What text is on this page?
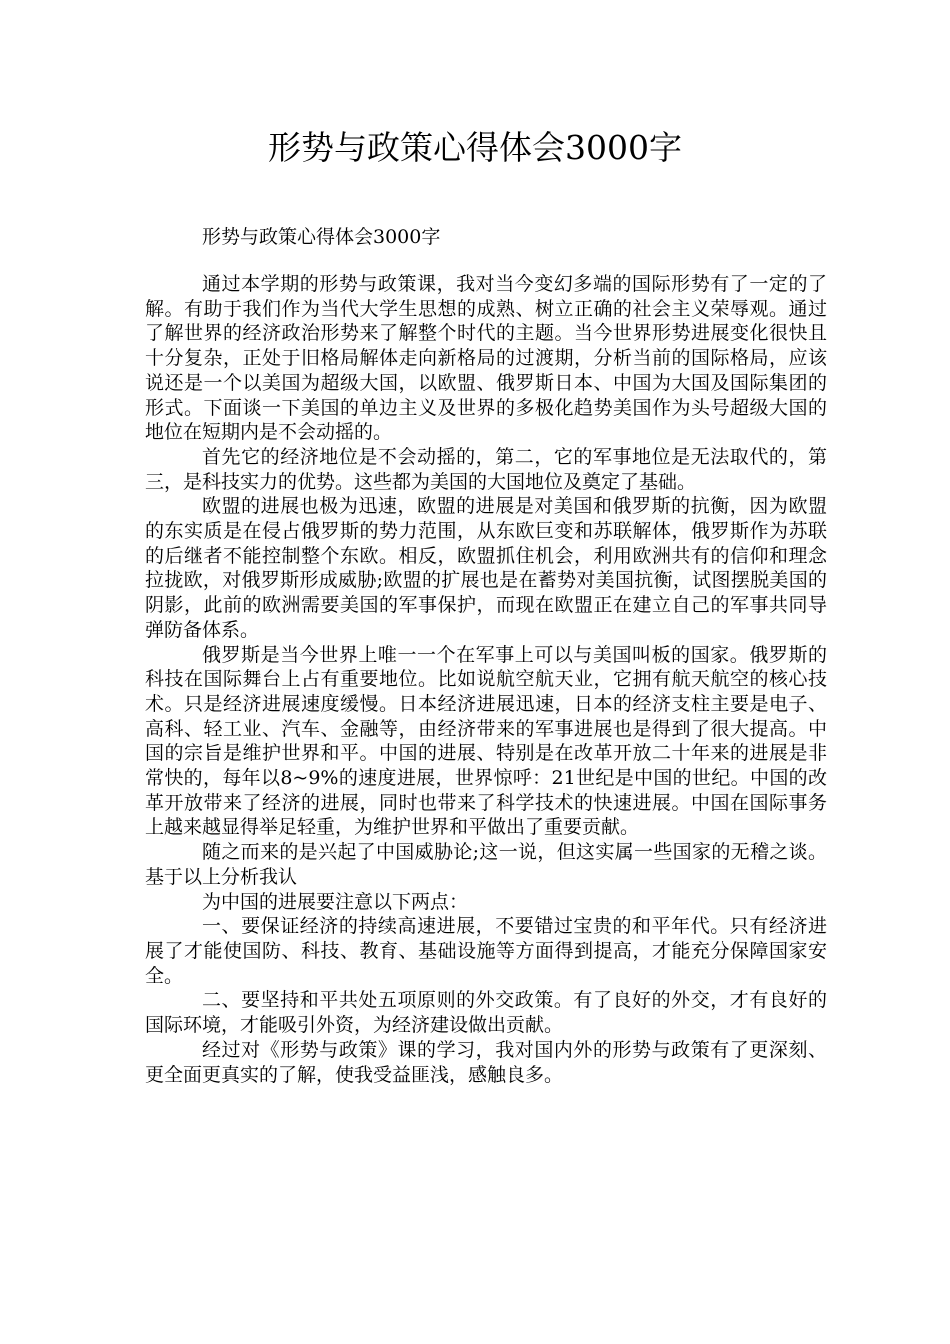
形势与政策心得体会3000字

形势与政策心得体会3000字

通过本学期的形势与政策课，我对当今变幻多端的国际形势有了一定的了解。有助于我们作为当代大学生思想的成熟、树立正确的社会主义荣辱观。通过了解世界的经济政治形势来了解整个时代的主题。当今世界形势进展变化很快且十分复杂，正处于旧格局解体走向新格局的过渡期，分析当前的国际格局，应该说还是一个以美国为超级大国，以欧盟、俄罗斯日本、中国为大国及国际集团的形式。下面谈一下美国的单边主义及世界的多极化趋势美国作为头号超级大国的地位在短期内是不会动摇的。

首先它的经济地位是不会动摇的，第二，它的军事地位是无法取代的，第三，是科技实力的优势。这些都为美国的大国地位及奠定了基础。

欧盟的进展也极为迅速，欧盟的进展是对美国和俄罗斯的抗衡，因为欧盟的东实质是在侵占俄罗斯的势力范围，从东欧巨变和苏联解体，俄罗斯作为苏联的后继者不能控制整个东欧。相反，欧盟抓住机会，利用欧洲共有的信仰和理念拉拢欧，对俄罗斯形成威胁;欧盟的扩展也是在蓄势对美国抗衡，试图摆脱美国的阴影，此前的欧洲需要美国的军事保护，而现在欧盟正在建立自己的军事共同导弹防备体系。

俄罗斯是当今世界上唯一一个在军事上可以与美国叫板的国家。俄罗斯的科技在国际舞台上占有重要地位。比如说航空航天业，它拥有航天航空的核心技术。只是经济进展速度缓慢。日本经济进展迅速，日本的经济支柱主要是电子、高科、轻工业、汽车、金融等，由经济带来的军事进展也是得到了很大提高。中国的宗旨是维护世界和平。中国的进展、特别是在改革开放二十年来的进展是非常快的，每年以8~9%的速度进展，世界惊呼：21世纪是中国的世纪。中国的改革开放带来了经济的进展，同时也带来了科学技术的快速进展。中国在国际事务上越来越显得举足轻重，为维护世界和平做出了重要贡献。

随之而来的是兴起了中国威胁论;这一说，但这实属一些国家的无稽之谈。基于以上分析我认

为中国的进展要注意以下两点：

一、要保证经济的持续高速进展，不要错过宝贵的和平年代。只有经济进展了才能使国防、科技、教育、基础设施等方面得到提高，才能充分保障国家安全。

二、要坚持和平共处五项原则的外交政策。有了良好的外交，才有良好的国际环境，才能吸引外资，为经济建设做出贡献。

经过对《形势与政策》课的学习，我对国内外的形势与政策有了更深刻、更全面更真实的了解，使我受益匪浅，感触良多。
